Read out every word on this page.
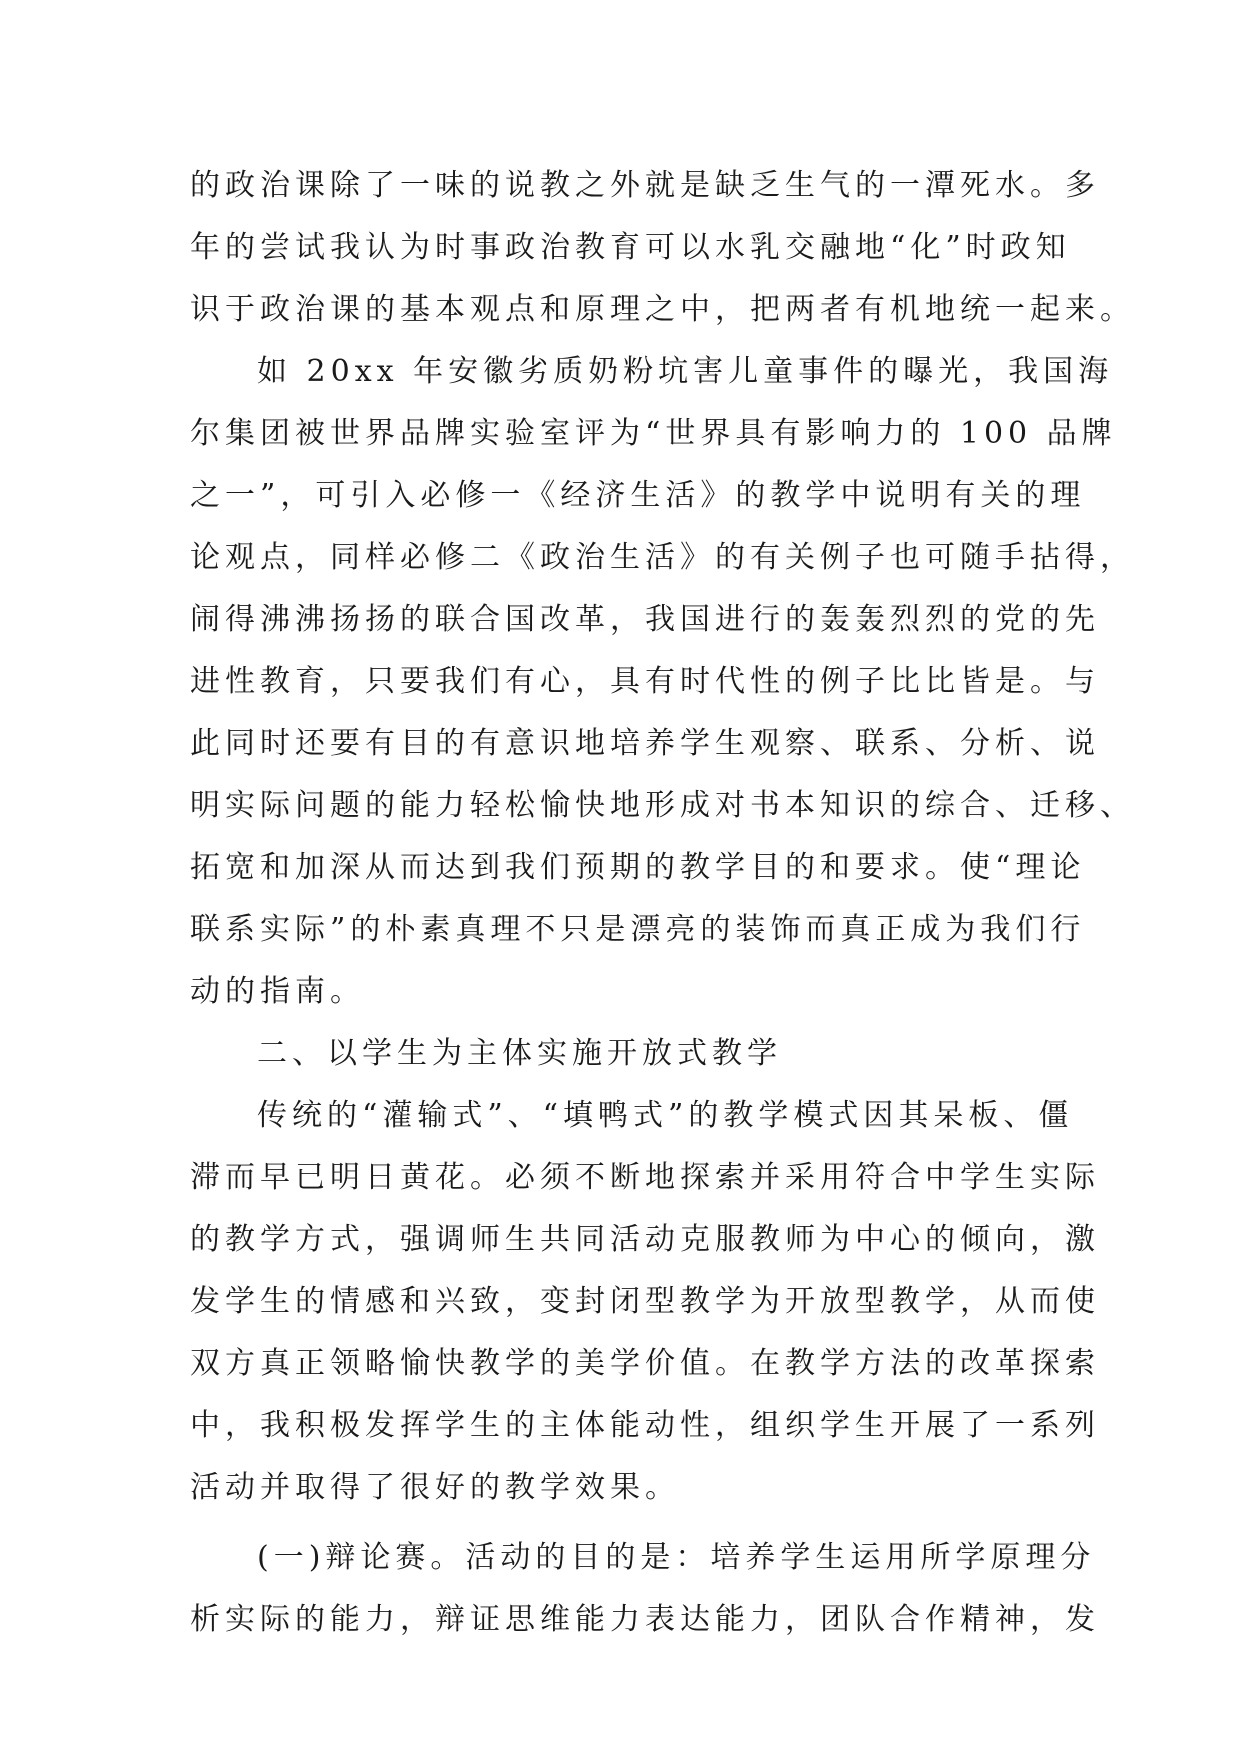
的政治课除了一味的说教之外就是缺乏生气的一潭死水。多
年的尝试我认为时事政治教育可以水乳交融地“化”时政知
识于政治课的基本观点和原理之中，把两者有机地统一起来。
如 20xx 年安徽劣质奶粉坑害儿童事件的曝光，我国海
尔集团被世界品牌实验室评为“世界具有影响力的 100 品牌
之一”，可引入必修一《经济生活》的教学中说明有关的理
论观点，同样必修二《政治生活》的有关例子也可随手拈得，
闹得沸沸扬扬的联合国改革，我国进行的轰轰烈烈的党的先
进性教育，只要我们有心，具有时代性的例子比比皆是。与
此同时还要有目的有意识地培养学生观察、联系、分析、说
明实际问题的能力轻松愉快地形成对书本知识的综合、迁移、
拓宽和加深从而达到我们预期的教学目的和要求。使“理论
联系实际”的朴素真理不只是漂亮的装饰而真正成为我们行
动的指南。
二、以学生为主体实施开放式教学
传统的“灌输式”、“填鸭式”的教学模式因其呆板、僵
滞而早已明日黄花。必须不断地探索并采用符合中学生实际
的教学方式，强调师生共同活动克服教师为中心的倾向，激
发学生的情感和兴致，变封闭型教学为开放型教学，从而使
双方真正领略愉快教学的美学价值。在教学方法的改革探索
中，我积极发挥学生的主体能动性，组织学生开展了一系列
活动并取得了很好的教学效果。
(一)辩论赛。活动的目的是：培养学生运用所学原理分
析实际的能力，辩证思维能力表达能力，团队合作精神，发
